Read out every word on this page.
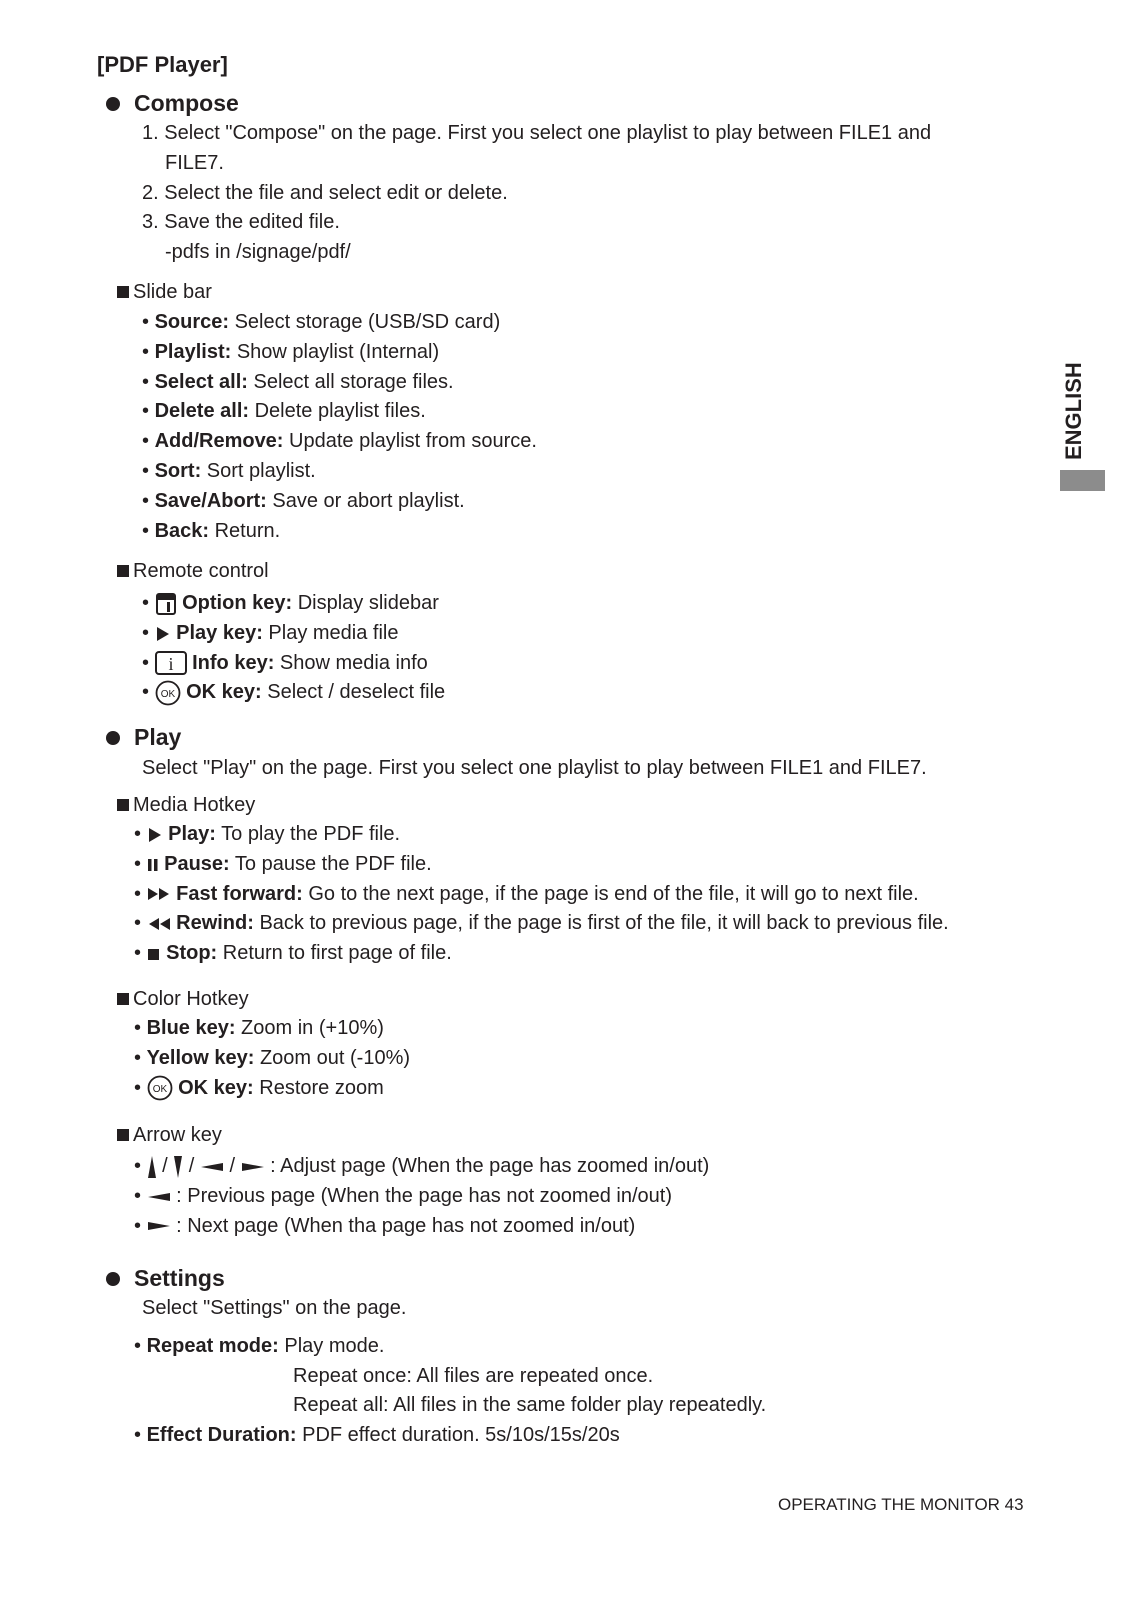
[PDF Player]
ENGLISH
Compose
1. Select "Compose" on the page. First you select one playlist to play between FILE1 and
FILE7.
2. Select the file and select edit or delete.
3. Save the edited file.
-pdfs in /signage/pdf/
Slide bar
• Source: Select storage (USB/SD card)
• Playlist: Show playlist (Internal)
• Select all: Select all storage files.
• Delete all: Delete playlist files.
• Add/Remove: Update playlist from source.
• Sort: Sort playlist.
• Save/Abort: Save or abort playlist.
• Back: Return.
Remote control
•  Option key: Display slidebar
•  Play key: Play media file
• i Info key: Show media info
• OK OK key: Select / deselect file
Play
Select "Play" on the page. First you select one playlist to play between FILE1 and FILE7.
Media Hotkey
•  Play: To play the PDF file.
•  Pause: To pause the PDF file.
•  Fast forward: Go to the next page, if the page is end of the file, it will go to next file.
•  Rewind: Back to previous page, if the page is first of the file, it will back to previous file.
•  Stop: Return to first page of file.
Color Hotkey
• Blue key: Zoom in (+10%)
• Yellow key: Zoom out (-10%)
• OK OK key: Restore zoom
Arrow key
•  /  /  /  : Adjust page (When the page has zoomed in/out)
•  : Previous page (When the page has not zoomed in/out)
•  : Next page (When tha page has not zoomed in/out)
Settings
Select "Settings" on the page.
• Repeat mode: Play mode.
Repeat once: All files are repeated once.
Repeat all: All files in the same folder play repeatedly.
• Effect Duration: PDF effect duration. 5s/10s/15s/20s
OPERATING THE MONITOR 43
